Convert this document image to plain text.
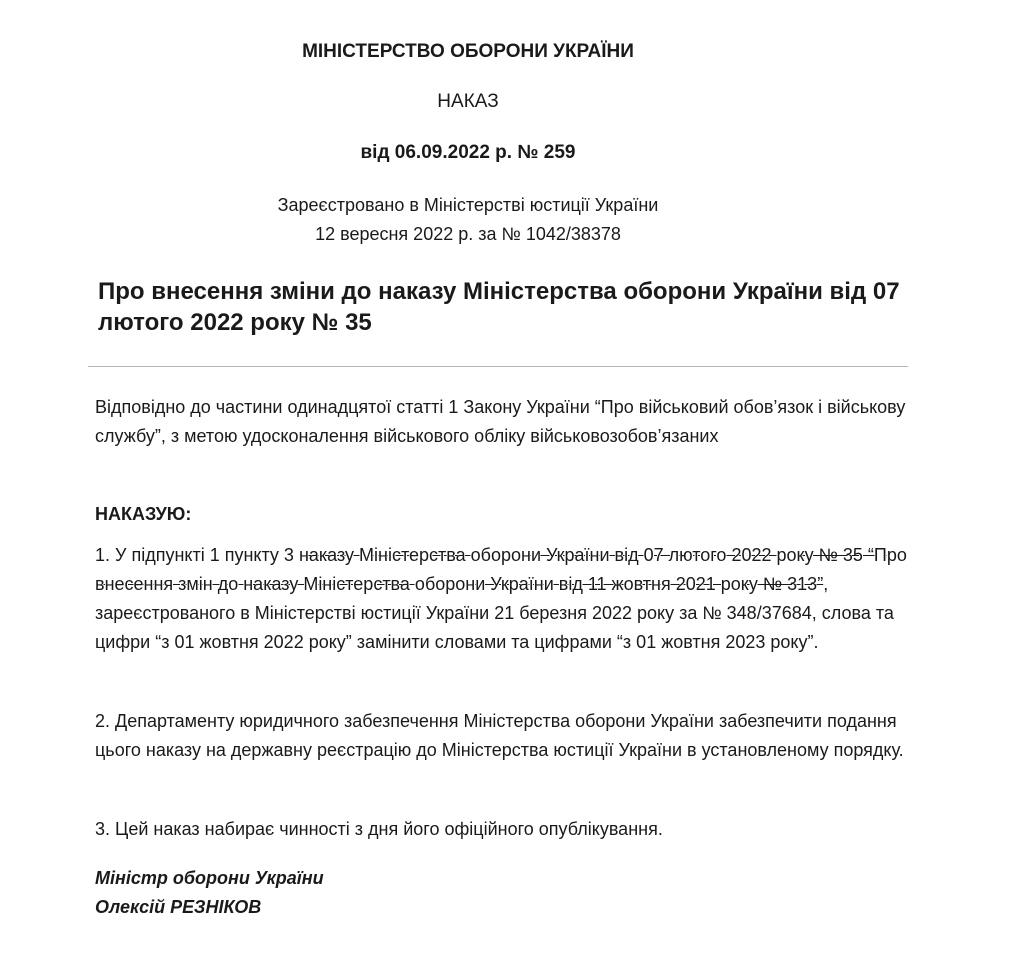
МІНІСТЕРСТВО ОБОРОНИ УКРАЇНИ
НАКАЗ
від 06.09.2022 р. № 259
Зареєстровано в Міністерстві юстиції України
12 вересня 2022 р. за № 1042/38378
Про внесення зміни до наказу Міністерства оборони України від 07 лютого 2022 року № 35

Відповідно до частини одинадцятої статті 1 Закону України “Про військовий обов’язок і військову службу”, з метою удосконалення військового обліку військовозобов’язаних

НАКАЗУЮ:

1. У підпункті 1 пункту 3 наказу Міністерства оборони України від 07 лютого 2022 року № 35 “Про внесення змін до наказу Міністерства оборони України від 11 жовтня 2021 року № 313”, зареєстрованого в Міністерстві юстиції України 21 березня 2022 року за № 348/37684, слова та цифри “з 01 жовтня 2022 року” замінити словами та цифрами “з 01 жовтня 2023 року”.

2. Департаменту юридичного забезпечення Міністерства оборони України забезпечити подання цього наказу на державну реєстрацію до Міністерства юстиції України в установленому порядку.

3. Цей наказ набирає чинності з дня його офіційного опублікування.

Міністр оборони України
Олексій РЕЗНІКОВ
